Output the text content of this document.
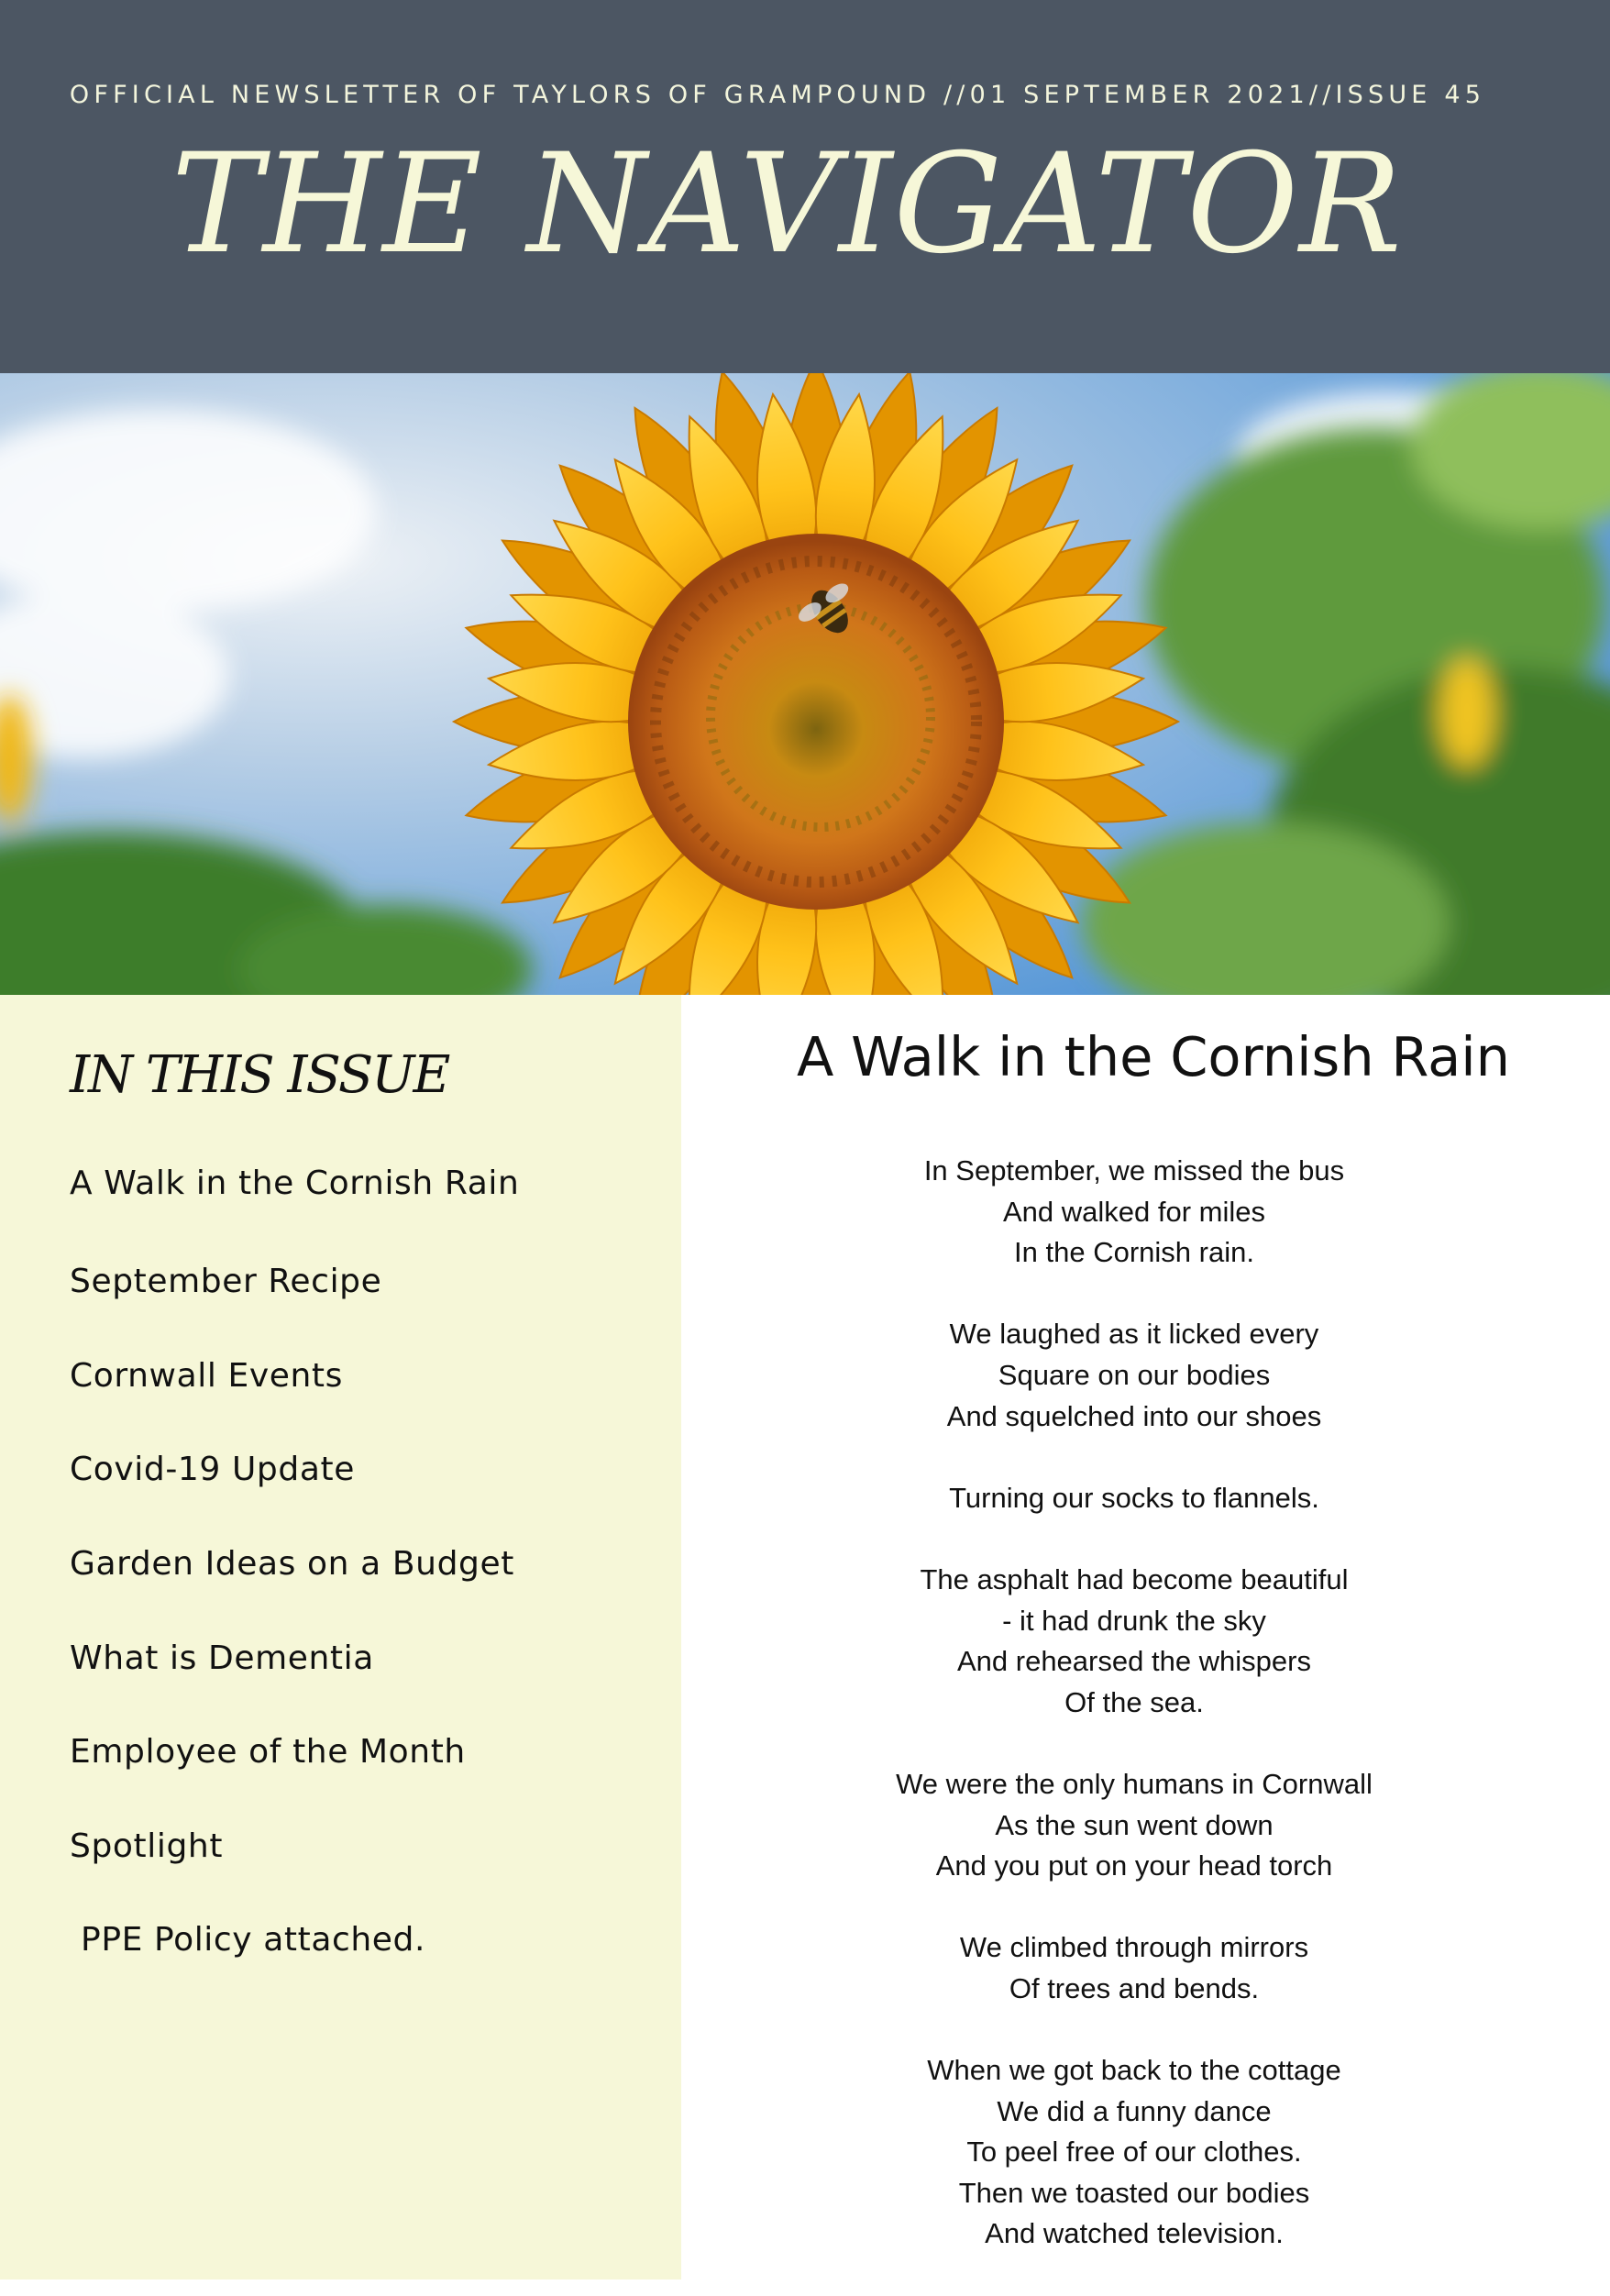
OFFICIAL NEWSLETTER OF TAYLORS OF GRAMPOUND //01 SEPTEMBER 2021//ISSUE 45
THE NAVIGATOR
IN THIS ISSUE
A Walk in the Cornish Rain
September Recipe
Cornwall Events
Covid-19 Update
Garden Ideas on a Budget
What is Dementia
Employee of the Month
Spotlight
PPE Policy attached.
A Walk in the Cornish Rain

In September, we missed the bus
And walked for miles
In the Cornish rain.

We laughed as it licked every
Square on our bodies
And squelched into our shoes

Turning our socks to flannels.

The asphalt had become beautiful
- it had drunk the sky
And rehearsed the whispers
Of the sea.

We were the only humans in Cornwall
As the sun went down
And you put on your head torch

We climbed through mirrors
Of trees and bends.

When we got back to the cottage
We did a funny dance
To peel free of our clothes.
Then we toasted our bodies
And watched television.
